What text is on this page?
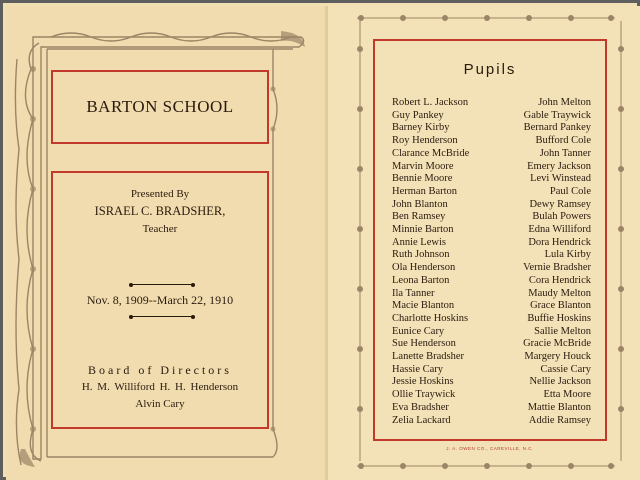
BARTON SCHOOL
Presented By
ISRAEL C. BRADSHER,
Teacher
Nov. 8, 1909--March 22, 1910
Board of Directors
H. M. Williford H. H. Henderson
Alvin Cary
Pupils
Robert L. Jackson
Guy Pankey
Barney Kirby
Roy Henderson
Clarance McBride
Marvin Moore
Bennie Moore
Herman Barton
John Blanton
Ben Ramsey
Minnie Barton
Annie Lewis
Ruth Johnson
Ola Henderson
Leona Barton
Ila Tanner
Macie Blanton
Charlotte Hoskins
Eunice Cary
Sue Henderson
Lanette Bradsher
Hassie Cary
Jessie Hoskins
Ollie Traywick
Eva Bradsher
Zelia Lackard
John Melton
Gable Traywick
Bernard Pankey
Bufford Cole
John Tanner
Emery Jackson
Levi Winstead
Paul Cole
Dewy Ramsey
Bulah Powers
Edna Williford
Dora Hendrick
Lula Kirby
Vernie Bradsher
Cora Hendrick
Maudy Melton
Grace Blanton
Buffie Hoskins
Sallie Melton
Gracie McBride
Margery Houck
Cassie Cary
Nellie Jackson
Etta Moore
Mattie Blanton
Addie Ramsey
J. A. OWEN CO., CAREVILLE, N.C.
